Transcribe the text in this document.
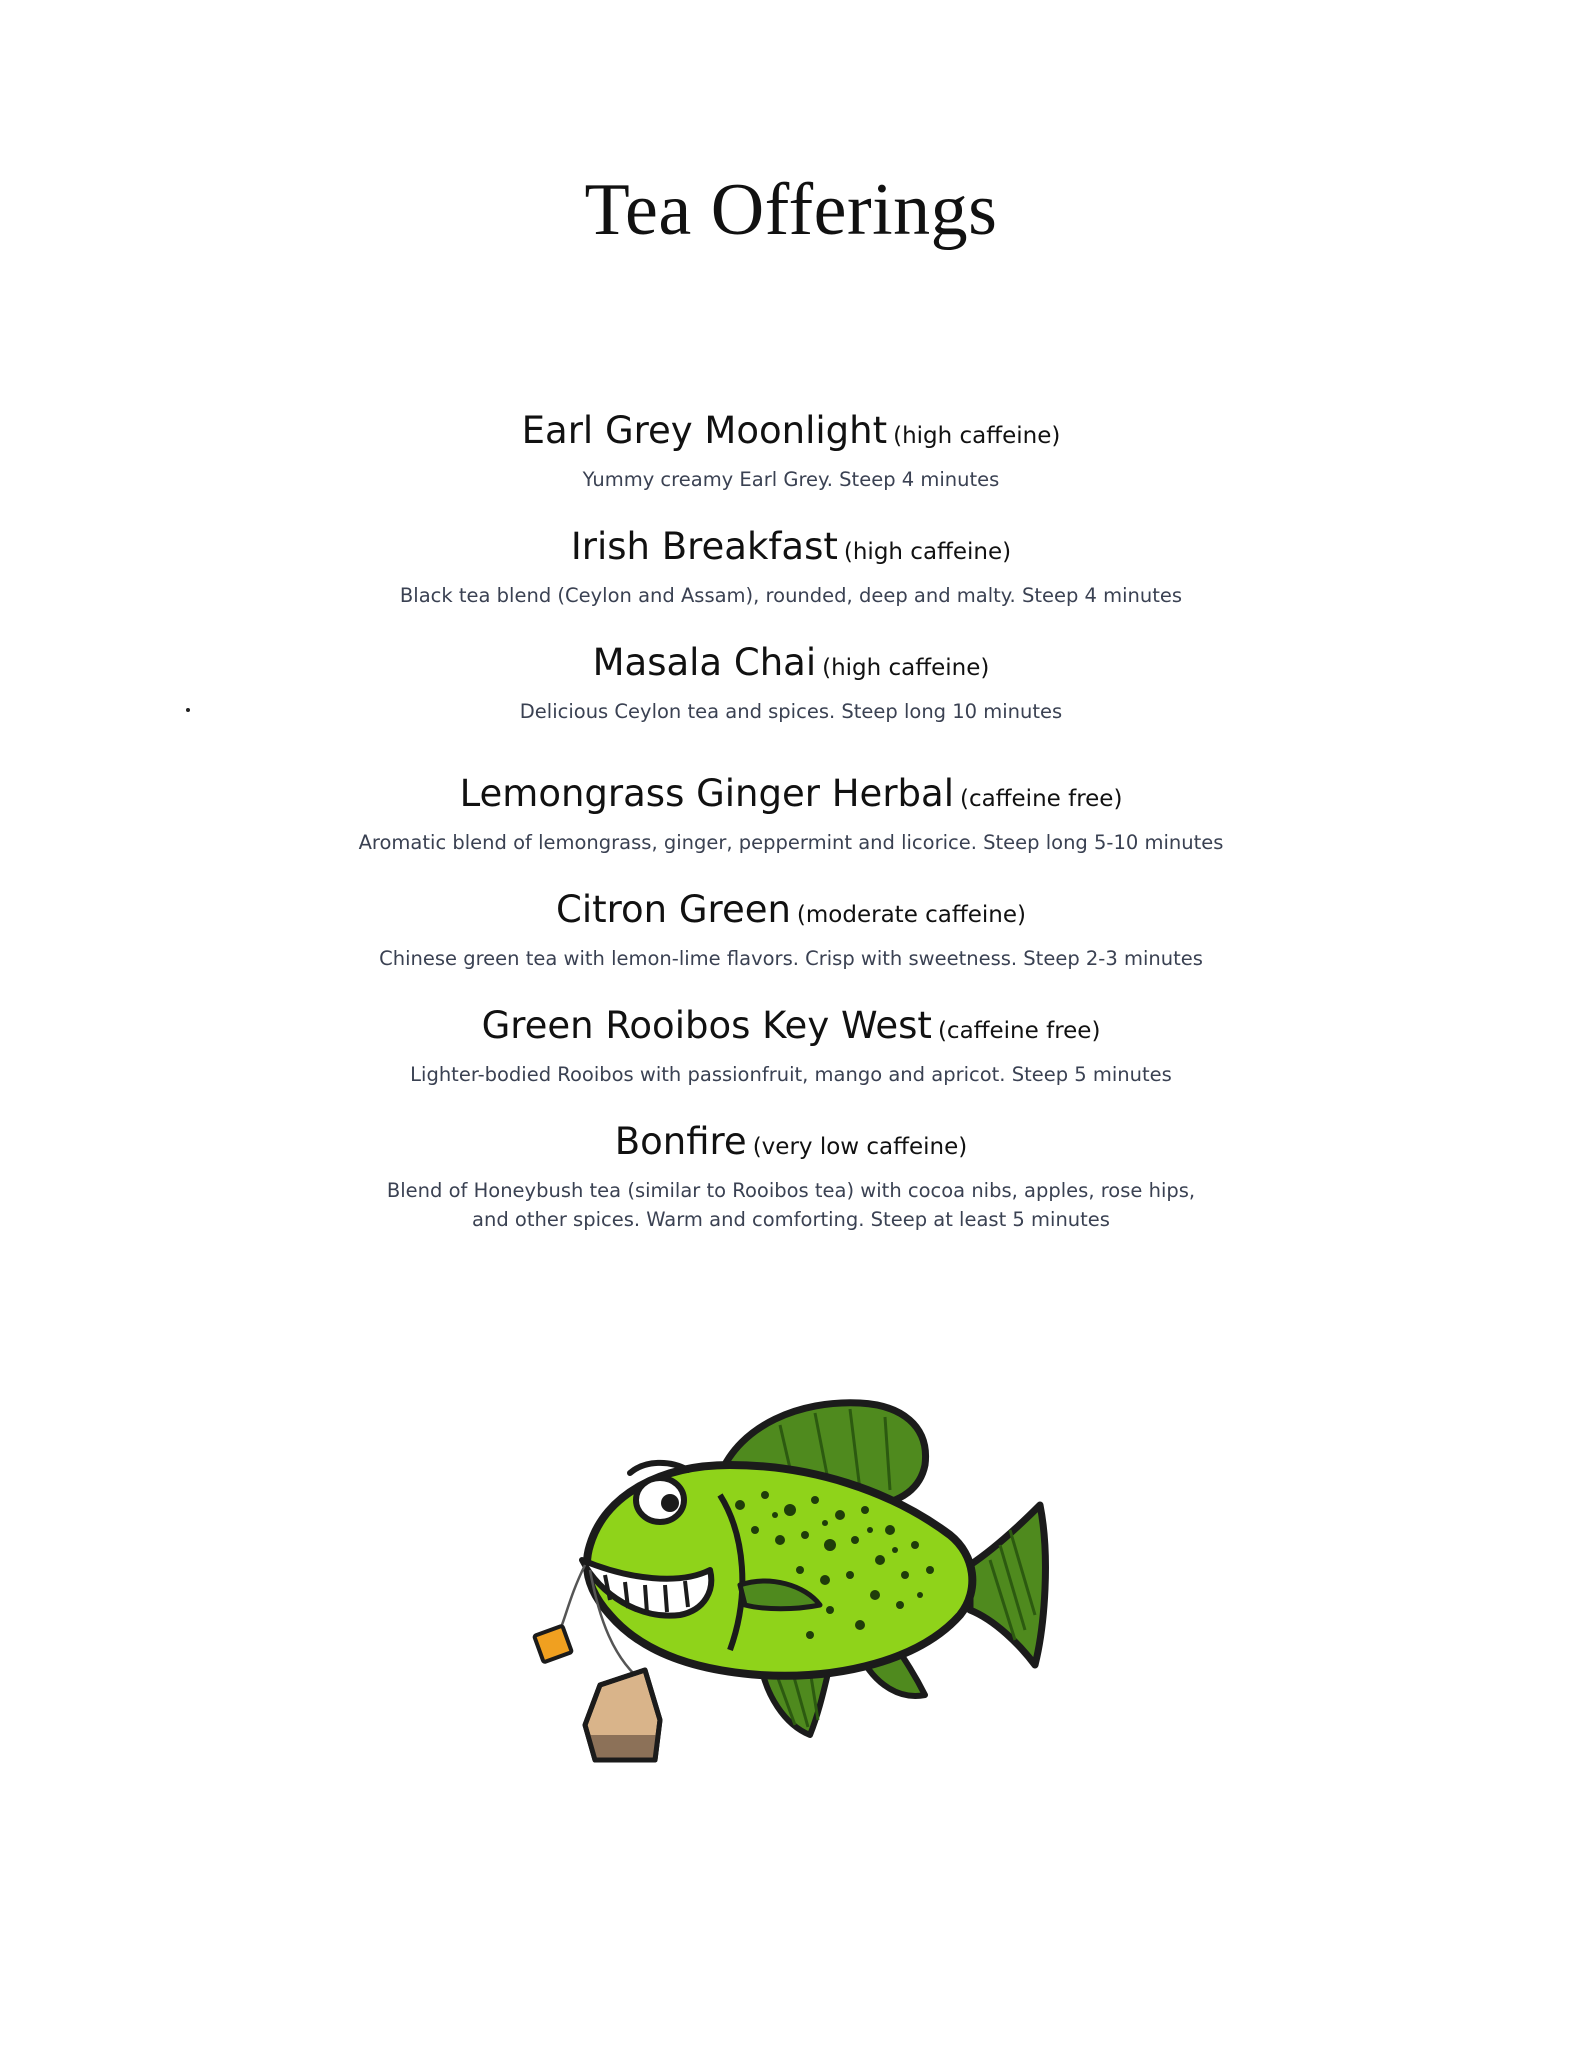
Tea Offerings
Earl Grey Moonlight (high caffeine)
Yummy creamy Earl Grey. Steep 4 minutes
Irish Breakfast (high caffeine)
Black tea blend (Ceylon and Assam), rounded, deep and malty. Steep 4 minutes
Masala Chai (high caffeine)
Delicious Ceylon tea and spices. Steep long 10 minutes
Lemongrass Ginger Herbal (caffeine free)
Aromatic blend of lemongrass, ginger, peppermint and licorice. Steep long 5-10 minutes
Citron Green (moderate caffeine)
Chinese green tea with lemon-lime flavors. Crisp with sweetness. Steep 2-3 minutes
Green Rooibos Key West (caffeine free)
Lighter-bodied Rooibos with passionfruit, mango and apricot. Steep 5 minutes
Bonfire (very low caffeine)
Blend of Honeybush tea (similar to Rooibos tea) with cocoa nibs, apples, rose hips, and other spices. Warm and comforting. Steep at least 5 minutes
